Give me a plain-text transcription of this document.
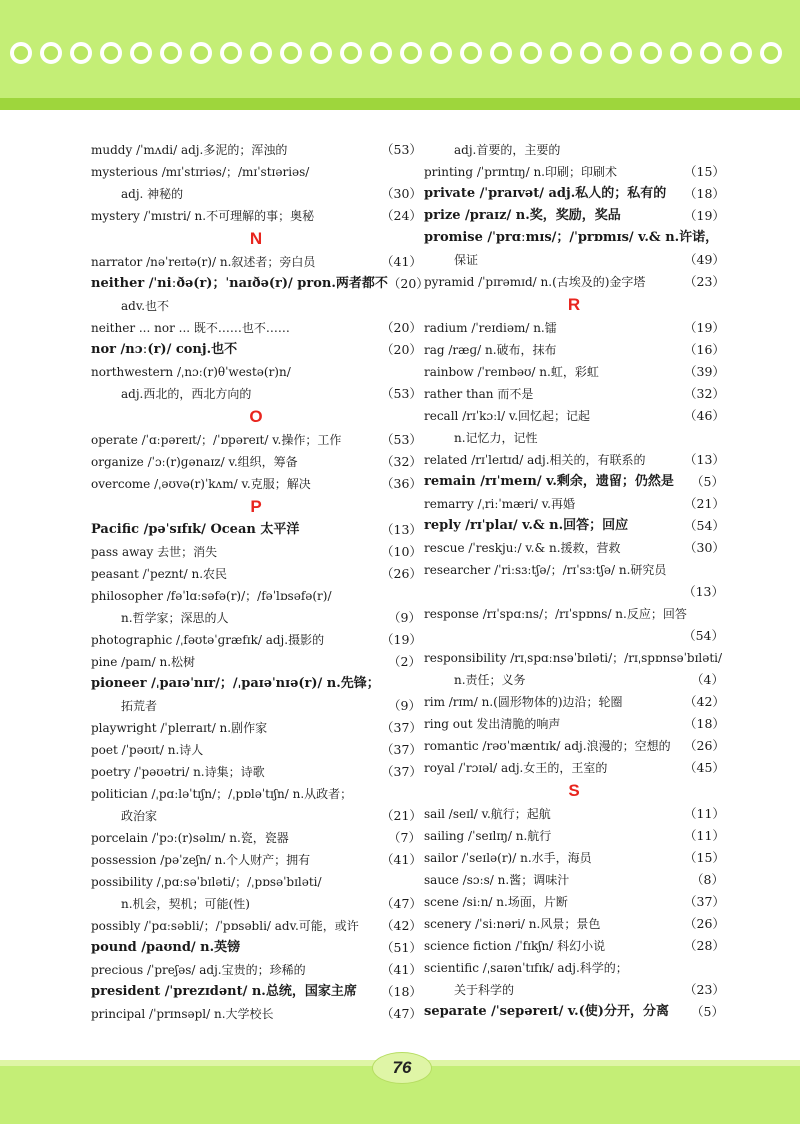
muddy /ˈmʌdi/ adj.多泥的；浑浊的	（53）
mysterious /mɪˈstɪriəs/；/mɪˈstɪəriəs/
adj. 神秘的	（30）
mystery /ˈmɪstri/ n.不可理解的事；奥秘	（24）
N
narrator /nəˈreɪtə(r)/ n.叙述者；旁白员	（41）
neither /ˈniːðə(r)；ˈnaɪðə(r)/ pron.两者都不 （20）
adv.也不
neither ... nor ... 既不……也不……	（20）
nor /nɔː(r)/ conj.也不	（20）
northwestern /ˌnɔː(r)θˈwestə(r)n/
adj.西北的，西北方向的	（53）
O
operate /ˈɑːpəreɪt/；/ˈɒpəreɪt/ v.操作；工作	（53）
organize /ˈɔː(r)ɡənaɪz/ v.组织，筹备	（32）
overcome /ˌəʊvə(r)ˈkʌm/ v.克服；解决	（36）
P
Pacific /pəˈsɪfɪk/ Ocean 太平洋	（13）
pass away 去世；消失	（10）
peasant /ˈpeznt/ n.农民	（26）
philosopher /fəˈlɑːsəfə(r)/；/fəˈlɒsəfə(r)/
n.哲学家；深思的人	（9）
photographic /ˌfəʊtəˈɡræfɪk/ adj.摄影的	（19）
pine /paɪn/ n.松树	（2）
pioneer /ˌpaɪəˈnɪr/；/ˌpaɪəˈnɪə(r)/ n.先锋；
拓荒者	（9）
playwright /ˈpleɪraɪt/ n.剧作家	（37）
poet /ˈpəʊɪt/ n.诗人	（37）
poetry /ˈpəʊətri/ n.诗集；诗歌	（37）
politician /ˌpɑːləˈtɪʃn/；/ˌpɒləˈtɪʃn/ n.从政者；
政治家	（21）
porcelain /ˈpɔː(r)səlɪn/ n.瓷，瓷器	（7）
possession /pəˈzeʃn/ n.个人财产；拥有	（41）
possibility /ˌpɑːsəˈbɪləti/；/ˌpɒsəˈbɪləti/
n.机会，契机；可能(性)	（47）
possibly /ˈpɑːsəbli/；/ˈpɒsəbli/ adv.可能，或许	（42）
pound /paʊnd/ n.英镑	（51）
precious /ˈpreʃəs/ adj.宝贵的；珍稀的	（41）
president /ˈprezɪdənt/ n.总统，国家主席	（18）
principal /ˈprɪnsəpl/ n.大学校长	（47）
adj.首要的，主要的
printing /ˈprɪntɪŋ/ n.印刷；印刷术	（15）
private /ˈpraɪvət/ adj.私人的；私有的	（18）
prize /praɪz/ n.奖，奖励，奖品	（19）
promise /ˈprɑːmɪs/；/ˈprɒmɪs/ v.& n.许诺，
保证	（49）
pyramid /ˈpɪrəmɪd/ n.(古埃及的)金字塔	（23）
R
radium /ˈreɪdiəm/ n.镭	（19）
rag /ræɡ/ n.破布，抹布	（16）
rainbow /ˈreɪnbəʊ/ n.虹，彩虹	（39）
rather than 而不是	（32）
recall /rɪˈkɔːl/ v.回忆起；记起	（46）
n.记忆力，记性
related /rɪˈleɪtɪd/ adj.相关的，有联系的	（13）
remain /rɪˈmeɪn/ v.剩余，遗留；仍然是	（5）
remarry /ˌriːˈmæri/ v.再婚	（21）
reply /rɪˈplaɪ/ v.& n.回答；回应	（54）
rescue /ˈreskjuː/ v.& n.援救，营救	（30）
researcher /ˈriːsɜːtʃə/；/rɪˈsɜːtʃə/ n.研究员
（13）
response /rɪˈspɑːns/；/rɪˈspɒns/ n.反应；回答
（54）
responsibility /rɪˌspɑːnsəˈbɪləti/；/rɪˌspɒnsəˈbɪləti/
n.责任；义务	（4）
rim /rɪm/ n.(圆形物体的)边沿；轮圈	（42）
ring out 发出清脆的响声	（18）
romantic /rəʊˈmæntɪk/ adj.浪漫的；空想的	（26）
royal /ˈrɔɪəl/ adj.女王的，王室的	（45）
S
sail /seɪl/ v.航行；起航	（11）
sailing /ˈseɪlɪŋ/ n.航行	（11）
sailor /ˈseɪlə(r)/ n.水手，海员	（15）
sauce /sɔːs/ n.酱；调味汁	（8）
scene /siːn/ n.场面，片断	（37）
scenery /ˈsiːnəri/ n.风景；景色	（26）
science fiction /ˈfɪkʃn/ 科幻小说	（28）
scientific /ˌsaɪənˈtɪfɪk/ adj.科学的；
关于科学的	（23）
separate /ˈsepəreɪt/ v.(使)分开，分离	（5）
76
